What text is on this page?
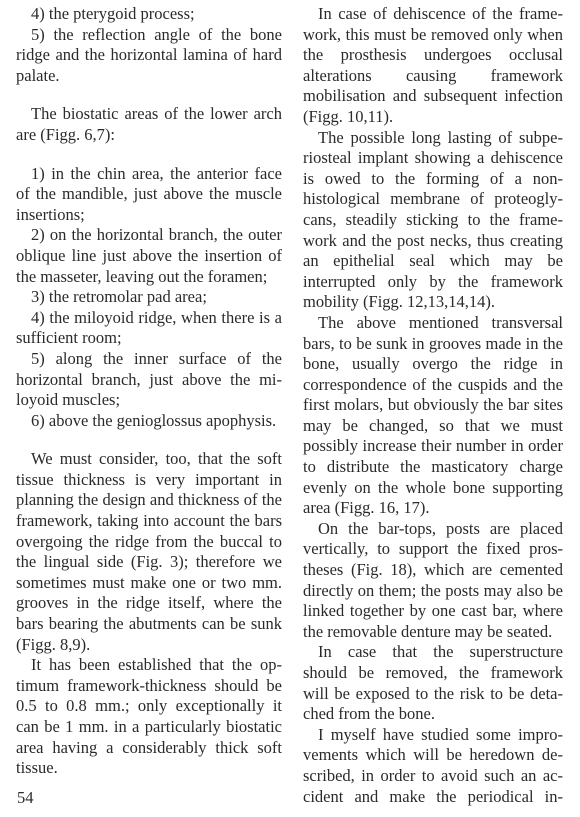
4) the pterygoid process;

5) the reflection angle of the bone ridge and the horizontal lamina of hard palate.

The biostatic areas of the lower arch are (Figg. 6,7):

1) in the chin area, the anterior face of the mandible, just above the muscle insertions;

2) on the horizontal branch, the outer oblique line just above the insertion of the masseter, leaving out the foramen;

3) the retromolar pad area;

4) the miloyoid ridge, when there is a sufficient room;

5) along the inner surface of the horizontal branch, just above the miloyoid muscles;

6) above the genioglossus apophysis.

We must consider, too, that the soft tissue thickness is very important in planning the design and thickness of the framework, taking into account the bars overgoing the ridge from the buccal to the lingual side (Fig. 3); therefore we sometimes must make one or two mm. grooves in the ridge itself, where the bars bearing the abutments can be sunk (Figg. 8,9).

It has been established that the optimum framework-thickness should be 0.5 to 0.8 mm.; only exceptionally it can be 1 mm. in a particularly biostatic area having a considerably thick soft tissue.

In case of dehiscence of the framework, this must be removed only when the prosthesis undergoes occlusal alterations causing framework mobilisation and subsequent infection (Figg. 10,11).

The possible long lasting of subperiosteal implant showing a dehiscence is owed to the forming of a non-histological membrane of proteoglycans, steadily sticking to the framework and the post necks, thus creating an epithelial seal which may be interrupted only by the framework mobility (Figg. 12,13,14,14).

The above mentioned transversal bars, to be sunk in grooves made in the bone, usually overgo the ridge in correspondence of the cuspids and the first molars, but obviously the bar sites may be changed, so that we must possibly increase their number in order to distribute the masticatory charge evenly on the whole bone supporting area (Figg. 16, 17).

On the bar-tops, posts are placed vertically, to support the fixed prostheses (Fig. 18), which are cemented directly on them; the posts may also be linked together by one cast bar, where the removable denture may be seated.

In case that the superstructure should be removed, the framework will be exposed to the risk to be detached from the bone.

I myself have studied some improvements which will be heredown described, in order to avoid such an accident and make the periodical in-

54
